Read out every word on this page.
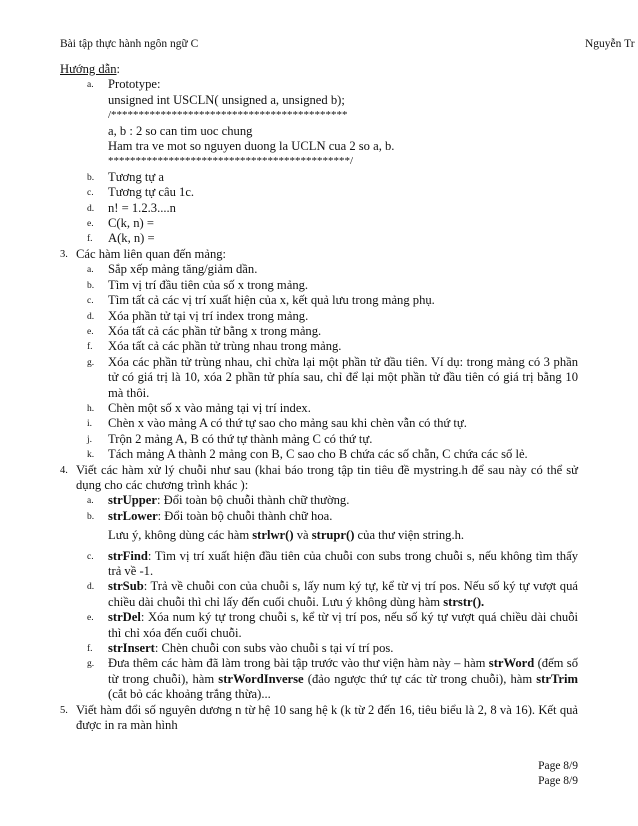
Bài tập thực hành ngôn ngữ C	Nguyễn Tr
Hướng dẫn:
a. Prototype:
unsigned int USCLN( unsigned a, unsigned b);
/*******************************************
a, b : 2 so can tim uoc chung
Ham tra ve mot so nguyen duong la UCLN cua 2 so a, b.
********************************************/
b. Tương tự a
c. Tương tự câu 1c.
d. n! = 1.2.3....n
e. C(k, n) =
f. A(k, n) =
3. Các hàm liên quan đến mảng:
a. Sắp xếp mảng tăng/giảm dần.
b. Tìm vị trí đầu tiên của số x trong mảng.
c. Tìm tất cả các vị trí xuất hiện của x, kết quả lưu trong mảng phụ.
d. Xóa phần tử tại vị trí index trong mảng.
e. Xóa tất cả các phần tử bằng x trong mảng.
f. Xóa tất cả các phần tử trùng nhau trong mảng.
g. Xóa các phần tử trùng nhau, chỉ chừa lại một phần tử đầu tiên. Ví dụ: trong mảng có 3 phần tử có giá trị là 10, xóa 2 phần tử phía sau, chỉ để lại một phần tử đầu tiên có giá trị bằng 10 mà thôi.
h. Chèn một số x vào mảng tại vị trí index.
i. Chèn x vào mảng A có thứ tự sao cho mảng sau khi chèn vẫn có thứ tự.
j. Trộn 2 mảng A, B có thứ tự thành mảng C có thứ tự.
k. Tách mảng A thành 2 mảng con B, C sao cho B chứa các số chẵn, C chứa các số lẻ.
4. Viết các hàm xử lý chuỗi như sau (khai báo trong tập tin tiêu đề mystring.h để sau này có thể sử dụng cho các chương trình khác ):
a. strUpper: Đổi toàn bộ chuỗi thành chữ thường.
b. strLower: Đổi toàn bộ chuỗi thành chữ hoa.
Lưu ý, không dùng các hàm strlwr() và strupr() của thư viện string.h.
c. strFind: Tìm vị trí xuất hiện đầu tiên của chuỗi con subs trong chuỗi s, nếu không tìm thấy trả về -1.
d. strSub: Trả về chuỗi con của chuỗi s, lấy num ký tự, kể từ vị trí pos. Nếu số ký tự vượt quá chiều dài chuỗi thì chỉ lấy đến cuối chuỗi. Lưu ý không dùng hàm strstr().
e. strDel: Xóa num ký tự trong chuỗi s, kể từ vị trí pos, nếu số ký tự vượt quá chiều dài chuỗi thì chỉ xóa đến cuối chuỗi.
f. strInsert: Chèn chuỗi con subs vào chuỗi s tại ví trí pos.
g. Đưa thêm các hàm đã làm trong bài tập trước vào thư viện hàm này – hàm strWord (đếm số từ trong chuỗi), hàm strWordInverse (đảo ngược thứ tự các từ trong chuỗi), hàm strTrim (cắt bỏ các khoảng trắng thừa)...
5. Viết hàm đổi số nguyên dương n từ hệ 10 sang hệ k (k từ 2 đến 16, tiêu biểu là 2, 8 và 16). Kết quả được in ra màn hình
Page 8/9
Page 8/9
